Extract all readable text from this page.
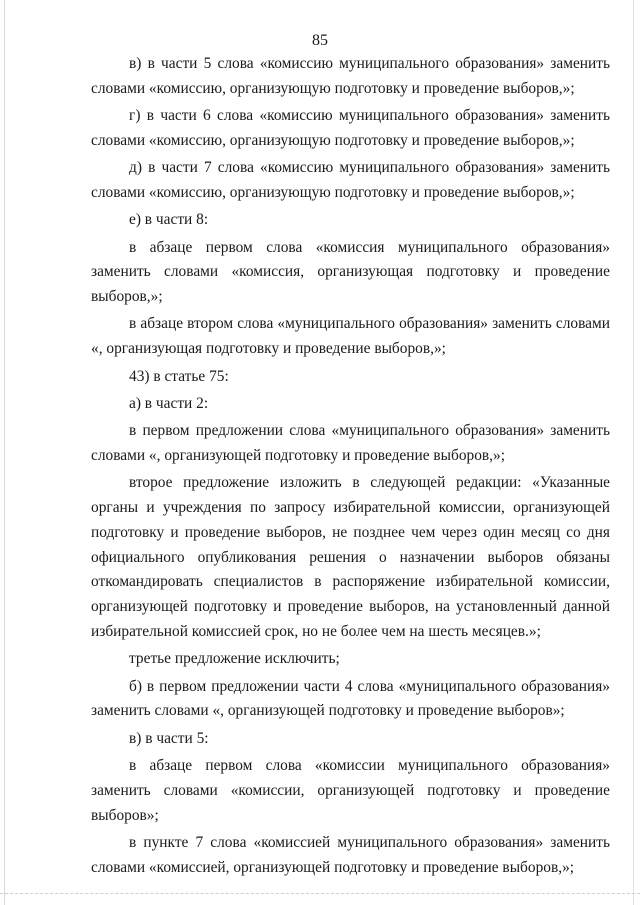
85

в) в части 5 слова «комиссию муниципального образования» заменить словами «комиссию, организующую подготовку и проведение выборов,»;

г) в части 6 слова «комиссию муниципального образования» заменить словами «комиссию, организующую подготовку и проведение выборов,»;

д) в части 7 слова «комиссию муниципального образования» заменить словами «комиссию, организующую подготовку и проведение выборов,»;

е) в части 8:

в абзаце первом слова «комиссия муниципального образования» заменить словами «комиссия, организующая подготовку и проведение выборов,»;

в абзаце втором слова «муниципального образования» заменить словами «, организующая подготовку и проведение выборов,»;

43) в статье 75:

а) в части 2:

в первом предложении слова «муниципального образования» заменить словами «, организующей подготовку и проведение выборов,»;

второе предложение изложить в следующей редакции: «Указанные органы и учреждения по запросу избирательной комиссии, организующей подготовку и проведение выборов, не позднее чем через один месяц со дня официального опубликования решения о назначении выборов обязаны откомандировать специалистов в распоряжение избирательной комиссии, организующей подготовку и проведение выборов, на установленный данной избирательной комиссией срок, но не более чем на шесть месяцев.»;

третье предложение исключить;

б) в первом предложении части 4 слова «муниципального образования» заменить словами «, организующей подготовку и проведение выборов»;

в) в части 5:

в абзаце первом слова «комиссии муниципального образования» заменить словами «комиссии, организующей подготовку и проведение выборов»;

в пункте 7 слова «комиссией муниципального образования» заменить словами «комиссией, организующей подготовку и проведение выборов,»;
